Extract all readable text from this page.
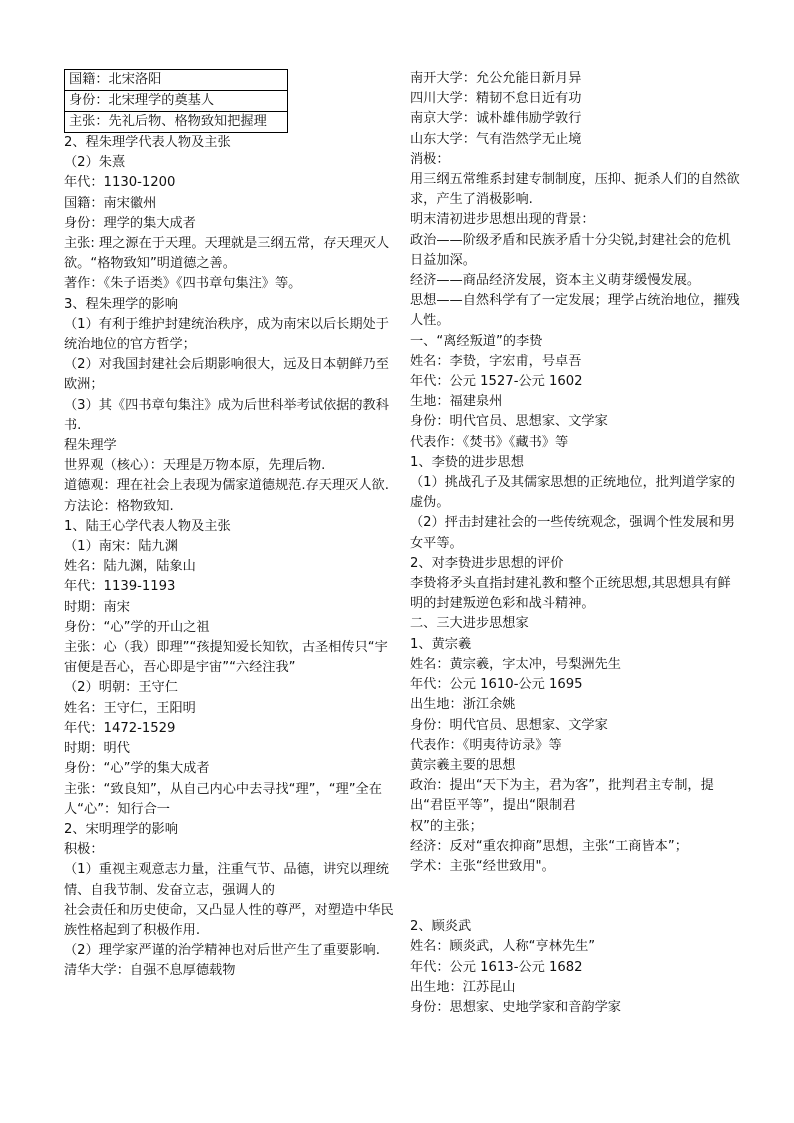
国籍：北宋洛阳
身份：北宋理学的奠基人
主张：先礼后物、格物致知把握理
2、程朱理学代表人物及主张
（2）朱熹
年代：1130-1200
国籍：南宋徽州
身份：理学的集大成者
主张: 理之源在于天理。天理就是三纲五常，存天理灭人欲。“格物致知”明道德之善。
著作：《朱子语类》《四书章句集注》等。
3、程朱理学的影响
（1）有利于维护封建统治秩序，成为南宋以后长期处于统治地位的官方哲学；
（2）对我国封建社会后期影响很大，远及日本朝鲜乃至欧洲；
（3）其《四书章句集注》成为后世科举考试依据的教科书.
程朱理学
世界观（核心）：天理是万物本原，先理后物.
道德观：理在社会上表现为儒家道德规范.存天理灭人欲.
方法论：格物致知.
1、陆王心学代表人物及主张
（1）南宋：陆九渊
姓名：陆九渊，陆象山
年代：1139-1193
时期：南宋
身份：“心”学的开山之祖
主张：心（我）即理”“孩提知爱长知钦，古圣相传只“宇宙便是吾心，吾心即是宇宙”“六经注我”
（2）明朝：王守仁
姓名：王守仁，王阳明
年代：1472-1529
时期：明代
身份：“心”学的集大成者
主张：“致良知”，从自己内心中去寻找“理”，“理”全在人“心”：知行合一
2、宋明理学的影响
积极：
（1）重视主观意志力量，注重气节、品德，讲究以理统情、自我节制、发奋立志，强调人的
社会责任和历史使命，又凸显人性的尊严，对塑造中华民族性格起到了积极作用.
（2）理学家严谨的治学精神也对后世产生了重要影响.
清华大学：自强不息厚德载物
南开大学：允公允能日新月异
四川大学：精韧不怠日近有功
南京大学：诚朴雄伟励学敦行
山东大学：气有浩然学无止境
消极：
用三纲五常维系封建专制制度，压抑、扼杀人们的自然欲求，产生了消极影响.
明末清初进步思想出现的背景：
政治——阶级矛盾和民族矛盾十分尖锐,封建社会的危机日益加深。
经济——商品经济发展，资本主义萌芽缓慢发展。
思想——自然科学有了一定发展；理学占统治地位，摧残人性。
一、“离经叛道”的李贽
姓名：李贽，字宏甫，号卓吾
年代：公元 1527-公元 1602
生地：福建泉州
身份：明代官员、思想家、文学家
代表作：《焚书》《藏书》等
1、李贽的进步思想
（1）挑战孔子及其儒家思想的正统地位，批判道学家的虚伪。
（2）抨击封建社会的一些传统观念，强调个性发展和男女平等。
2、对李贽进步思想的评价
李贽将矛头直指封建礼教和整个正统思想,其思想具有鲜明的封建叛逆色彩和战斗精神。
二、三大进步思想家
1、黄宗羲
姓名：黄宗羲，字太冲，号梨洲先生
年代：公元 1610-公元 1695
出生地：浙江余姚
身份：明代官员、思想家、文学家
代表作：《明夷待访录》等
黄宗羲主要的思想
政治：提出“天下为主，君为客”，批判君主专制，提出“君臣平等”，提出“限制君
权”的主张；
经济：反对“重农抑商”思想，主张“工商皆本”；
学术：主张“经世致用"。
2、顾炎武
姓名：顾炎武，人称“亨林先生”
年代：公元 1613-公元 1682
出生地：江苏昆山
身份：思想家、史地学家和音韵学家
